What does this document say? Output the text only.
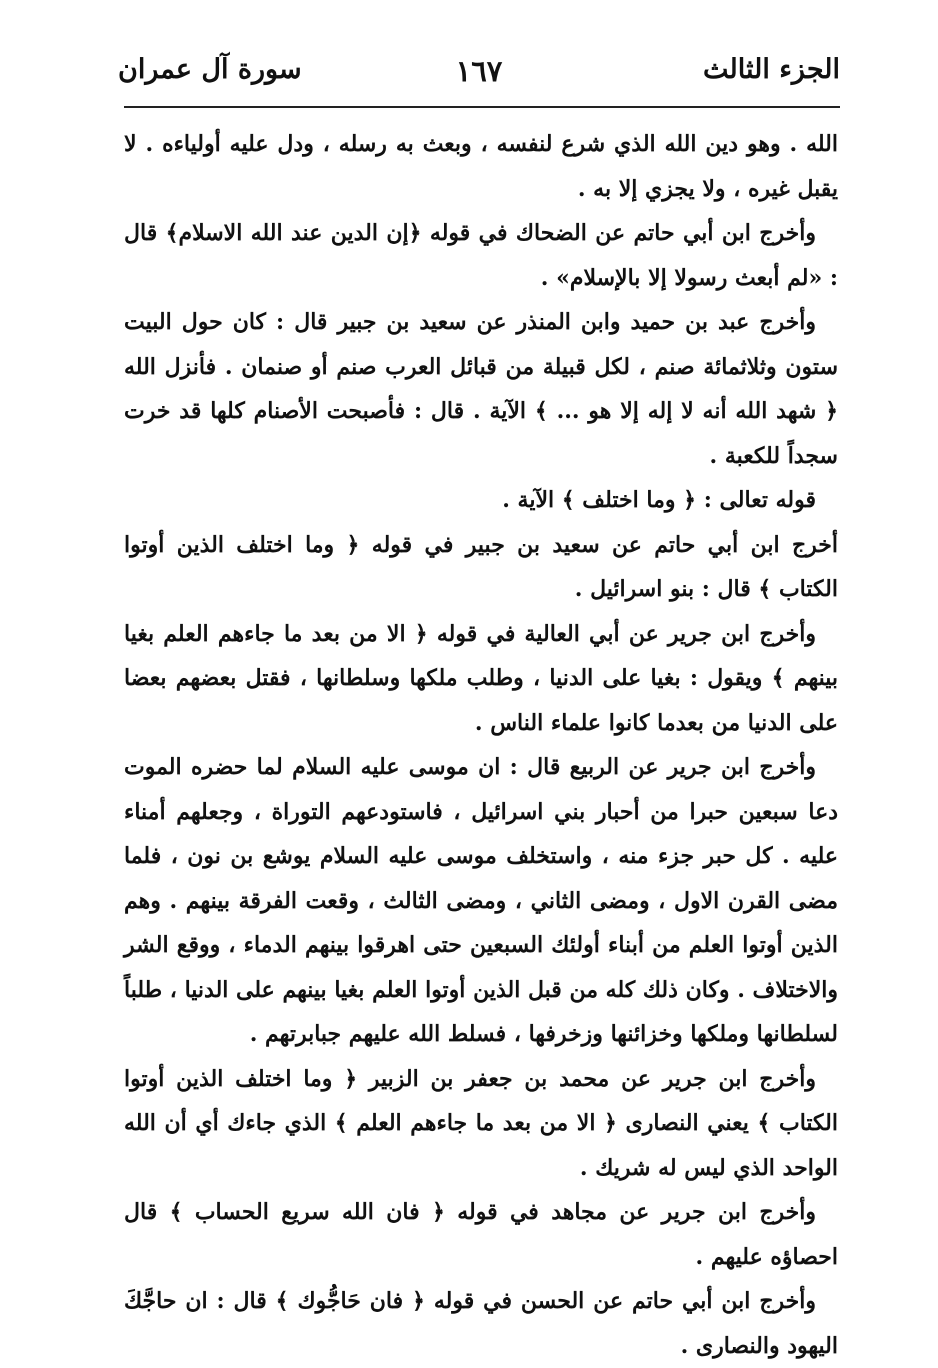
الجزء الثالث
١٦٧
سورة آل عمران

الله . وهو دين الله الذي شرع لنفسه ، وبعث به رسله ، ودل عليه أولياءه . لا يقبل غيره ، ولا يجزي إلا به .

وأخرج ابن أبي حاتم عن الضحاك في قوله ﴿إن الدين عند الله الاسلام﴾ قال : «لم أبعث رسولا إلا بالإسلام» .

وأخرج عبد بن حميد وابن المنذر عن سعيد بن جبير قال : كان حول البيت ستون وثلاثمائة صنم ، لكل قبيلة من قبائل العرب صنم أو صنمان . فأنزل الله ﴿ شهد الله أنه لا إله إلا هو ... ﴾ الآية . قال : فأصبحت الأصنام كلها قد خرت سجداً للكعبة .

قوله تعالى : ﴿ وما اختلف ﴾ الآية .

أخرج ابن أبي حاتم عن سعيد بن جبير في قوله ﴿ وما اختلف الذين أوتوا الكتاب ﴾ قال : بنو اسرائيل .

وأخرج ابن جرير عن أبي العالية في قوله ﴿ الا من بعد ما جاءهم العلم بغيا بينهم ﴾ ويقول : بغيا على الدنيا ، وطلب ملكها وسلطانها ، فقتل بعضهم بعضا على الدنيا من بعدما كانوا علماء الناس .

وأخرج ابن جرير عن الربيع قال : ان موسى عليه السلام لما حضره الموت دعا سبعين حبرا من أحبار بني اسرائيل ، فاستودعهم التوراة ، وجعلهم أمناء عليه . كل حبر جزء منه ، واستخلف موسى عليه السلام يوشع بن نون ، فلما مضى القرن الاول ، ومضى الثاني ، ومضى الثالث ، وقعت الفرقة بينهم . وهم الذين أوتوا العلم من أبناء أولئك السبعين حتى اهرقوا بينهم الدماء ، ووقع الشر والاختلاف . وكان ذلك كله من قبل الذين أوتوا العلم بغيا بينهم على الدنيا ، طلباً لسلطانها وملكها وخزائنها وزخرفها ، فسلط الله عليهم جبابرتهم .

وأخرج ابن جرير عن محمد بن جعفر بن الزبير ﴿ وما اختلف الذين أوتوا الكتاب ﴾ يعني النصارى ﴿ الا من بعد ما جاءهم العلم ﴾ الذي جاءك أي أن الله الواحد الذي ليس له شريك .

وأخرج ابن جرير عن مجاهد في قوله ﴿ فان الله سريع الحساب ﴾ قال احصاؤه عليهم .

وأخرج ابن أبي حاتم عن الحسن في قوله ﴿ فان حَاجُّوك ﴾ قال : ان حاجَّكَ اليهود والنصارى .
